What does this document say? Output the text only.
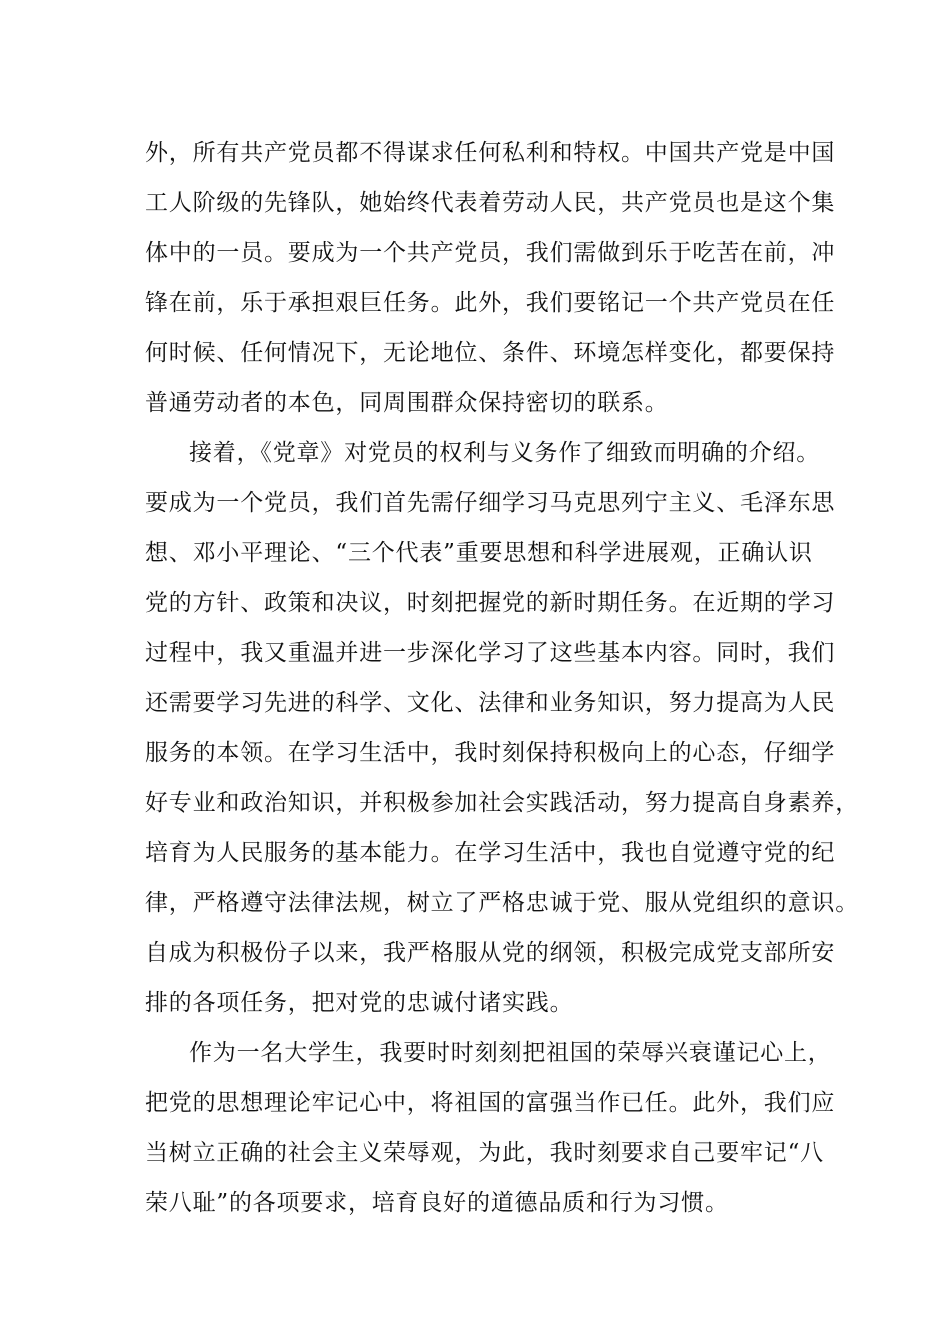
外，所有共产党员都不得谋求任何私利和特权。中国共产党是中国
工人阶级的先锋队，她始终代表着劳动人民，共产党员也是这个集
体中的一员。要成为一个共产党员，我们需做到乐于吃苦在前，冲
锋在前，乐于承担艰巨任务。此外，我们要铭记一个共产党员在任
何时候、任何情况下，无论地位、条件、环境怎样变化，都要保持
普通劳动者的本色，同周围群众保持密切的联系。
接着，《党章》对党员的权利与义务作了细致而明确的介绍。
要成为一个党员，我们首先需仔细学习马克思列宁主义、毛泽东思
想、邓小平理论、“三个代表”重要思想和科学进展观，正确认识
党的方针、政策和决议，时刻把握党的新时期任务。在近期的学习
过程中，我又重温并进一步深化学习了这些基本内容。同时，我们
还需要学习先进的科学、文化、法律和业务知识，努力提高为人民
服务的本领。在学习生活中，我时刻保持积极向上的心态，仔细学
好专业和政治知识，并积极参加社会实践活动，努力提高自身素养，
培育为人民服务的基本能力。在学习生活中，我也自觉遵守党的纪
律，严格遵守法律法规，树立了严格忠诚于党、服从党组织的意识。
自成为积极份子以来，我严格服从党的纲领，积极完成党支部所安
排的各项任务，把对党的忠诚付诸实践。
作为一名大学生，我要时时刻刻把祖国的荣辱兴衰谨记心上，
把党的思想理论牢记心中，将祖国的富强当作已任。此外，我们应
当树立正确的社会主义荣辱观，为此，我时刻要求自己要牢记“八
荣八耻”的各项要求，培育良好的道德品质和行为习惯。
